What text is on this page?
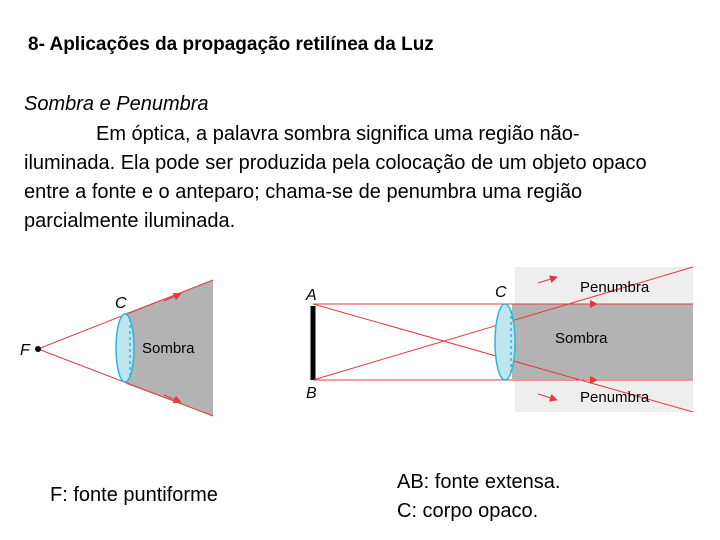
8- Aplicações da propagação retilínea da Luz
Sombra e Penumbra
Em óptica, a palavra sombra significa uma região não-
iluminada. Ela pode ser produzida pela colocação de um objeto opaco entre a fonte e o anteparo; chama-se de penumbra uma região parcialmente iluminada.
F
C
Sombra
A
B
C	Penumbra
Sombra
Penumbra
F: fonte puntiforme
AB: fonte extensa.
C: corpo opaco.
